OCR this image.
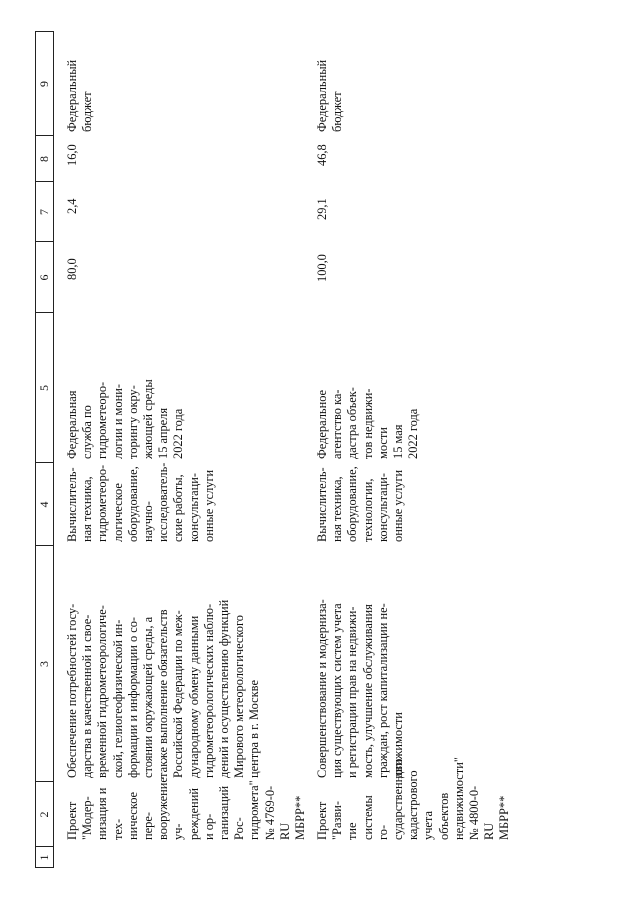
1
2
3
4
5
6
7
8
9
Проект "Модер-
низация и тех-
ническое пере-
вооружение уч-
реждений и ор-
ганизаций Рос-
гидромета"
№ 4769-0-RU
МБРР**
Обеспечение потребностей госу-
дарства в качественной и свое-
временной гидрометеорологиче-
ской, гелиогеофизической ин-
формации и информации о со-
стоянии окружающей среды, а
также выполнение обязательств
Российской Федерации по меж-
дународному обмену данными
гидрометеорологических наблю-
дений и осуществлению функций
Мирового метеорологического
центра в г. Москве
Вычислитель-
ная техника,
гидрометеоро-
логическое
оборудование,
научно-
исследователь-
ские работы,
консультаци-
онные услуги
Федеральная
служба по
гидрометеоро-
логии и мони-
торингу окру-
жающей среды
15 апреля
2022 года
80,0
2,4
16,0
Федеральный
бюджет
Проект "Разви-
тие системы го-
сударственного
кадастрового
учета объектов
недвижимости"
№ 4800-0-RU
МБРР**
Совершенствование и модерниза-
ция существующих систем учета
и регистрации прав на недвижи-
мость, улучшение обслуживания
граждан, рост капитализации не-
движимости
Вычислитель-
ная техника,
оборудование,
технологии,
консультаци-
онные услуги
Федеральное
агентство ка-
дастра объек-
тов недвижи-
мости
15 мая
2022 года
100,0
29,1
46,8
Федеральный
бюджет
